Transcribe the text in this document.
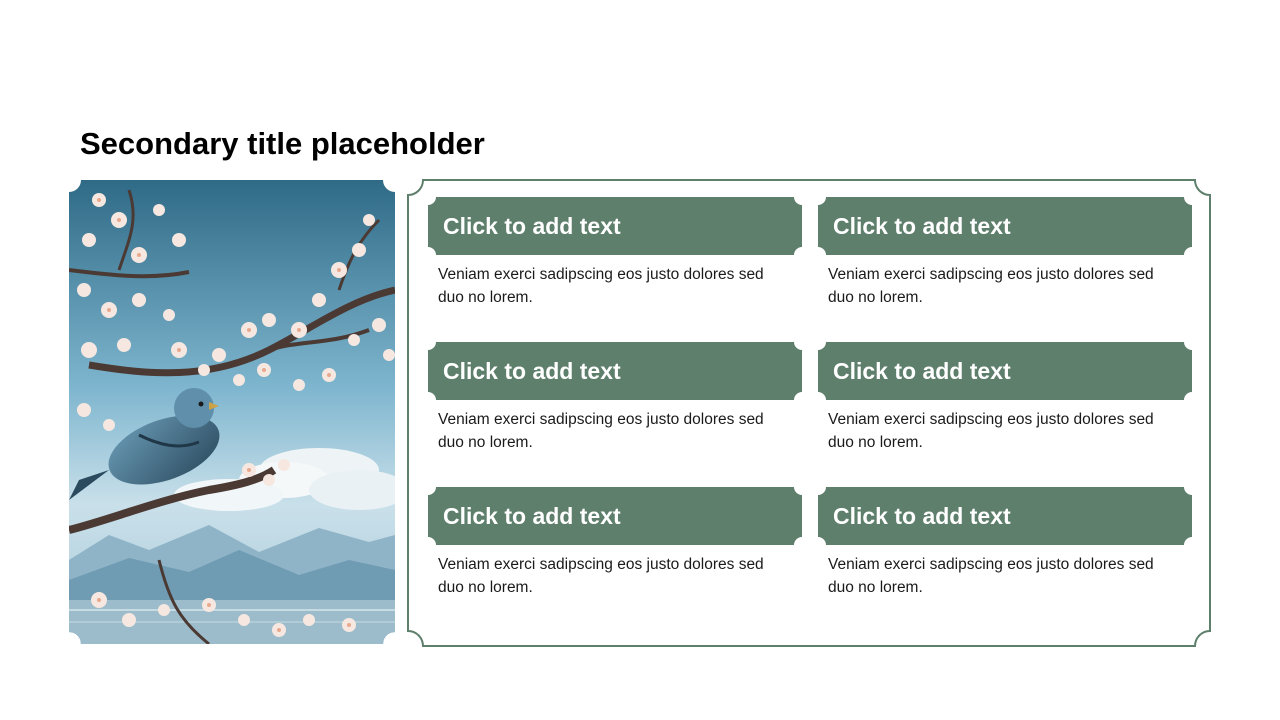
Secondary title placeholder
Click to add text
Veniam exerci sadipscing eos justo dolores sed duo no lorem.
Click to add text
Veniam exerci sadipscing eos justo dolores sed duo no lorem.
Click to add text
Veniam exerci sadipscing eos justo dolores sed duo no lorem.
Click to add text
Veniam exerci sadipscing eos justo dolores sed duo no lorem.
Click to add text
Veniam exerci sadipscing eos justo dolores sed duo no lorem.
Click to add text
Veniam exerci sadipscing eos justo dolores sed duo no lorem.
